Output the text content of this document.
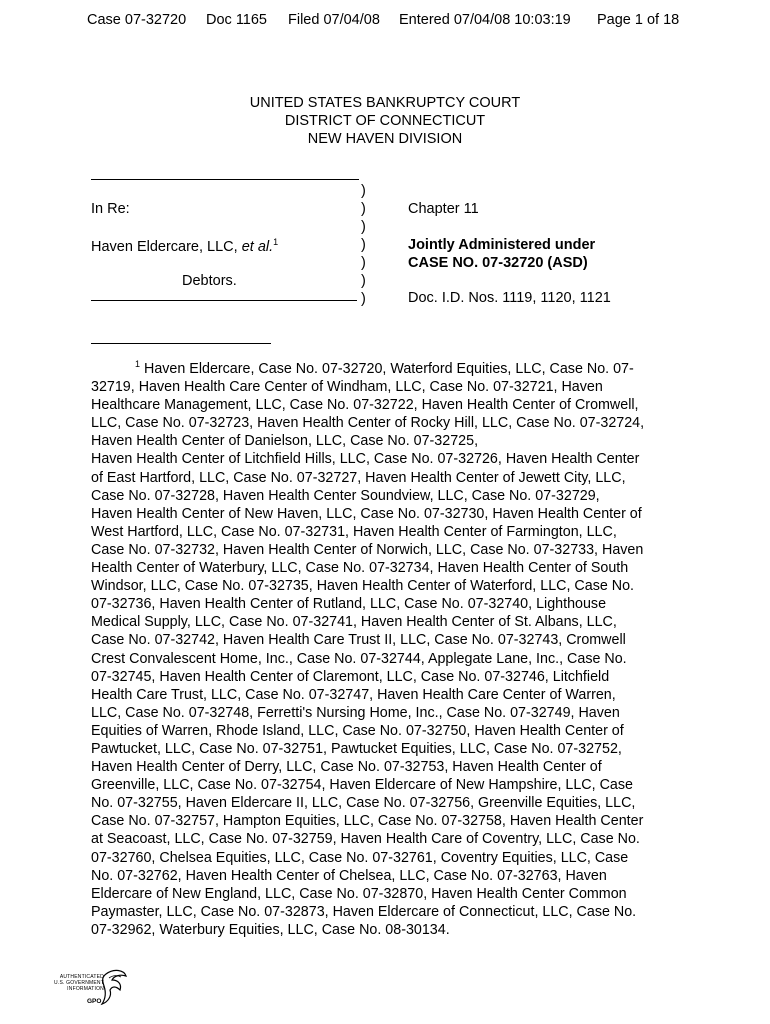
Case 07-32720 Doc 1165 Filed 07/04/08 Entered 07/04/08 10:03:19 Page 1 of 18
UNITED STATES BANKRUPTCY COURT
DISTRICT OF CONNECTICUT
NEW HAVEN DIVISION
In Re:
Haven Eldercare, LLC, et al.$^1$
Debtors.
)
)
)
)
)
)
)
Chapter 11
Jointly Administered under
CASE NO. 07-32720 (ASD)
Doc. I.D. Nos. 1119, 1120, 1121
$^1$ Haven Eldercare, Case No. 07-32720, Waterford Equities, LLC, Case No. 07-
32719, Haven Health Care Center of Windham, LLC, Case No. 07-32721, Haven
Healthcare Management, LLC, Case No. 07-32722, Haven Health Center of Cromwell,
LLC, Case No. 07-32723, Haven Health Center of Rocky Hill, LLC, Case No. 07-32724,
Haven Health Center of Danielson, LLC, Case No. 07-32725,
Haven Health Center of Litchfield Hills, LLC, Case No. 07-32726, Haven Health Center
of East Hartford, LLC, Case No. 07-32727, Haven Health Center of Jewett City, LLC,
Case No. 07-32728, Haven Health Center Soundview, LLC, Case No. 07-32729,
Haven Health Center of New Haven, LLC, Case No. 07-32730, Haven Health Center of
West Hartford, LLC, Case No. 07-32731, Haven Health Center of Farmington, LLC,
Case No. 07-32732, Haven Health Center of Norwich, LLC, Case No. 07-32733, Haven
Health Center of Waterbury, LLC, Case No. 07-32734, Haven Health Center of South
Windsor, LLC, Case No. 07-32735, Haven Health Center of Waterford, LLC, Case No.
07-32736, Haven Health Center of Rutland, LLC, Case No. 07-32740, Lighthouse
Medical Supply, LLC, Case No. 07-32741, Haven Health Center of St. Albans, LLC,
Case No. 07-32742, Haven Health Care Trust II, LLC, Case No. 07-32743, Cromwell
Crest Convalescent Home, Inc., Case No. 07-32744, Applegate Lane, Inc., Case No.
07-32745, Haven Health Center of Claremont, LLC, Case No. 07-32746, Litchfield
Health Care Trust, LLC, Case No. 07-32747, Haven Health Care Center of Warren,
LLC, Case No. 07-32748, Ferretti's Nursing Home, Inc., Case No. 07-32749, Haven
Equities of Warren, Rhode Island, LLC, Case No. 07-32750, Haven Health Center of
Pawtucket, LLC, Case No. 07-32751, Pawtucket Equities, LLC, Case No. 07-32752,
Haven Health Center of Derry, LLC, Case No. 07-32753, Haven Health Center of
Greenville, LLC, Case No. 07-32754, Haven Eldercare of New Hampshire, LLC, Case
No. 07-32755, Haven Eldercare II, LLC, Case No. 07-32756, Greenville Equities, LLC,
Case No. 07-32757, Hampton Equities, LLC, Case No. 07-32758, Haven Health Center
at Seacoast, LLC, Case No. 07-32759, Haven Health Care of Coventry, LLC, Case No.
07-32760, Chelsea Equities, LLC, Case No. 07-32761, Coventry Equities, LLC, Case
No. 07-32762, Haven Health Center of Chelsea, LLC, Case No. 07-32763, Haven
Eldercare of New England, LLC, Case No. 07-32870, Haven Health Center Common
Paymaster, LLC, Case No. 07-32873, Haven Eldercare of Connecticut, LLC, Case No.
07-32962, Waterbury Equities, LLC, Case No. 08-30134.
AUTHENTICATED
U.S. GOVERNMENT
INFORMATION
GPO
